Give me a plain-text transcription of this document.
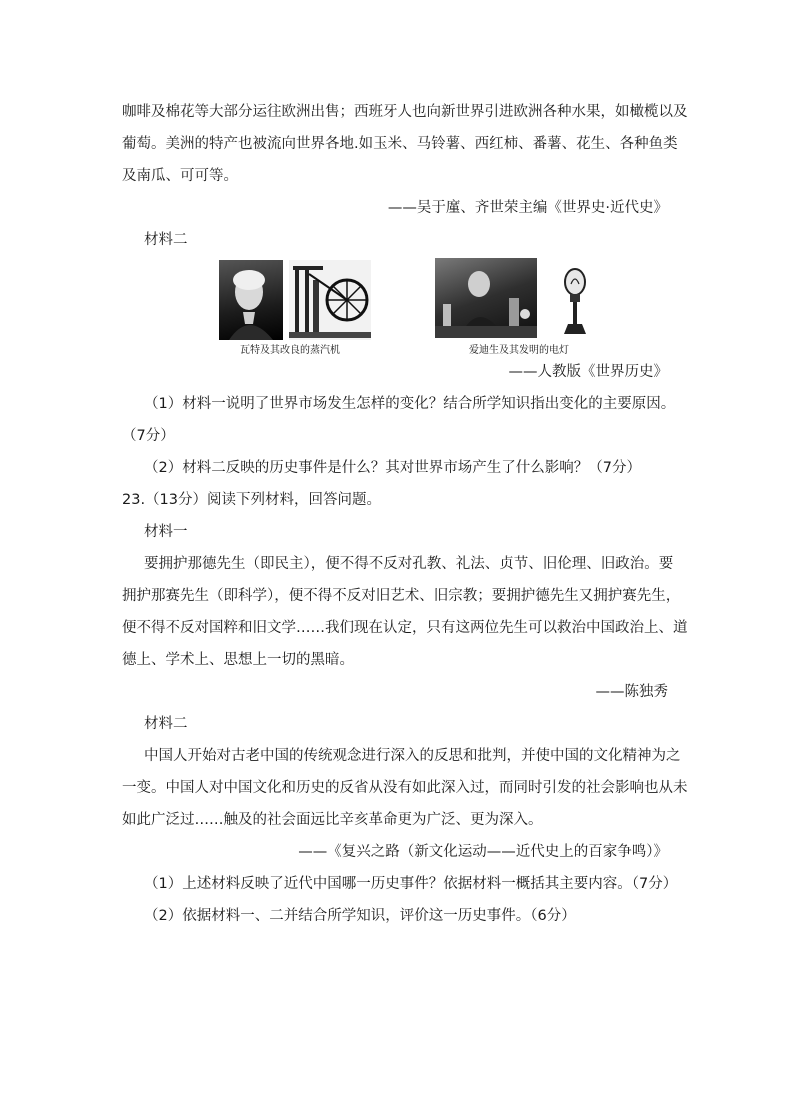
咖啡及棉花等大部分运往欧洲出售；西班牙人也向新世界引进欧洲各种水果，如橄榄以及
葡萄。美洲的特产也被流向世界各地.如玉米、马铃薯、西红柿、番薯、花生、各种鱼类
及南瓜、可可等。
——吴于廑、齐世荣主编《世界史·近代史》
材料二
瓦特及其改良的蒸汽机	爱迪生及其发明的电灯
——人教版《世界历史》
（1）材料一说明了世界市场发生怎样的变化？结合所学知识指出变化的主要原因。
（7分）
（2）材料二反映的历史事件是什么？其对世界市场产生了什么影响？（7分）
23.（13分）阅读下列材料，回答问题。
材料一
要拥护那德先生（即民主），便不得不反对孔教、礼法、贞节、旧伦理、旧政治。要
拥护那赛先生（即科学），便不得不反对旧艺术、旧宗教；要拥护德先生又拥护赛先生，
便不得不反对国粹和旧文学……我们现在认定，只有这两位先生可以救治中国政治上、道
德上、学术上、思想上一切的黑暗。
——陈独秀
材料二
中国人开始对古老中国的传统观念进行深入的反思和批判，并使中国的文化精神为之
一变。中国人对中国文化和历史的反省从没有如此深入过，而同时引发的社会影响也从未
如此广泛过……触及的社会面远比辛亥革命更为广泛、更为深入。
——《复兴之路（新文化运动——近代史上的百家争鸣）》
（1）上述材料反映了近代中国哪一历史事件？依据材料一概括其主要内容。（7分）
（2）依据材料一、二并结合所学知识，评价这一历史事件。（6分）
